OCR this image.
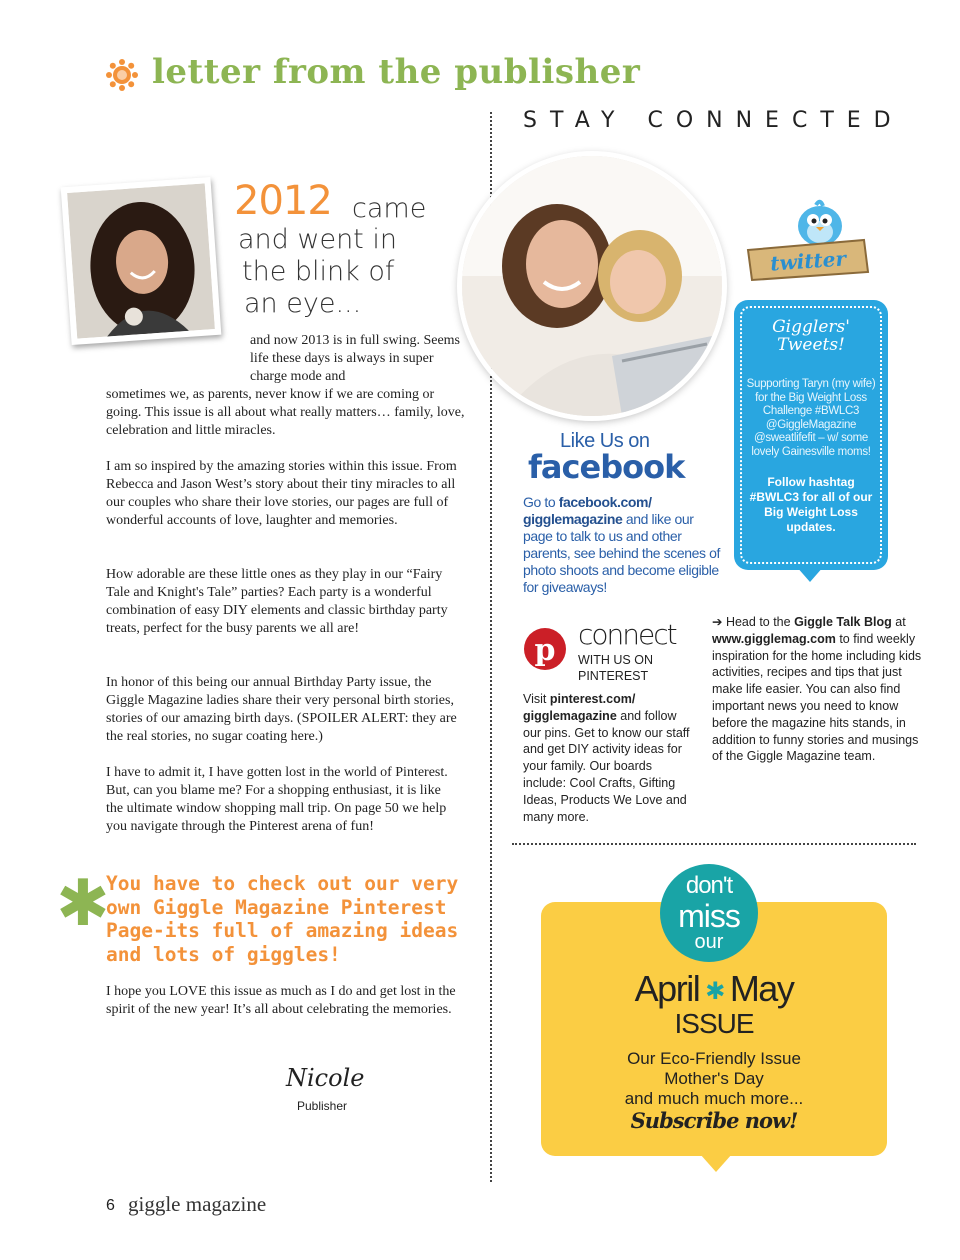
letter from the publisher
STAY CONNECTED
2012 came
and went in
the blink of
an eye...
and now 2013 is in full swing. Seems life these days is always in super charge mode and
sometimes we, as parents, never know if we are coming or going. This issue is all about what really matters… family, love, celebration and little miracles.
I am so inspired by the amazing stories within this issue. From Rebecca and Jason West’s story about their tiny miracles to all our couples who share their love stories, our pages are full of wonderful accounts of love, laughter and memories.
How adorable are these little ones as they play in our “Fairy Tale and Knight's Tale” parties? Each party is a wonderful combination of easy DIY elements and classic birthday party treats, perfect for the busy parents we all are!
In honor of this being our annual Birthday Party issue, the Giggle Magazine ladies share their very personal birth stories, stories of our amazing birth days. (SPOILER ALERT: they are the real stories, no sugar coating here.)
I have to admit it, I have gotten lost in the world of Pinterest. But, can you blame me? For a shopping enthusiast, it is like the ultimate window shopping mall trip. On page 50 we help you navigate through the Pinterest arena of fun!
✱
You have to check out our very own Giggle Magazine Pinterest Page-its full of amazing ideas and lots of giggles!
I hope you LOVE this issue as much as I do and get lost in the spirit of the new year! It’s all about celebrating the memories.
Nicole
Publisher
6 giggle magazine
Like Us on
facebook
Go to facebook.com/ gigglemagazine and like our page to talk to us and other parents, see behind the scenes of photo shoots and become eligible for giveaways!
twitter
Gigglers'
Tweets!
Supporting Taryn (my wife) for the Big Weight Loss Challenge #BWLC3 @GiggleMagazine @sweatlifefit – w/ some lovely Gainesville moms!
Follow hashtag #BWLC3 for all of our Big Weight Loss updates.
p connect
WITH US ON
PINTEREST
Visit pinterest.com/ gigglemagazine and follow our pins. Get to know our staff and get DIY activity ideas for your family. Our boards include: Cool Crafts, Gifting Ideas, Products We Love and many more.
➔ Head to the Giggle Talk Blog at www.gigglemag.com to find weekly inspiration for the home including kids activities, recipes and tips that just make life easier. You can also find important news you need to know before the magazine hits stands, in addition to funny stories and musings of the Giggle Magazine team.
don't
miss
our
April ✱ May
ISSUE
Our Eco-Friendly Issue
Mother's Day
and much much more...
Subscribe now!
